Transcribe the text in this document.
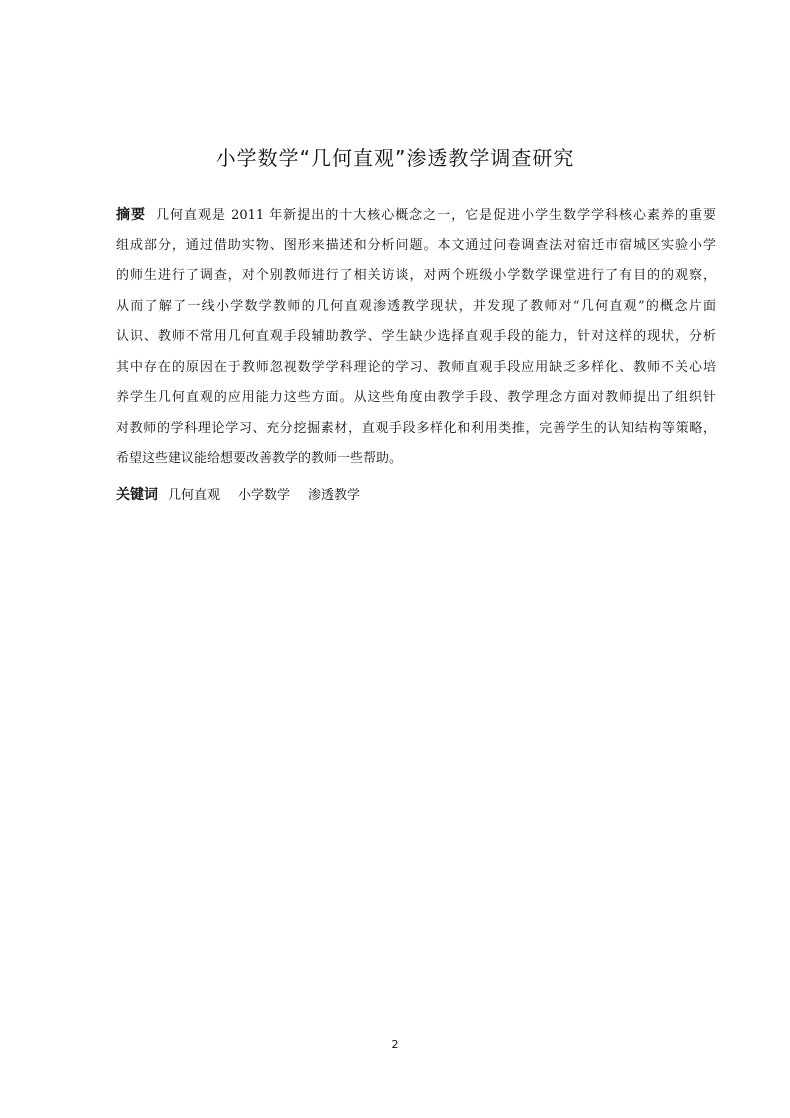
小学数学“几何直观”渗透教学调查研究
摘要 几何直观是 2011 年新提出的十大核心概念之一，它是促进小学生数学学科核心素养的重要
组成部分，通过借助实物、图形来描述和分析问题。本文通过问卷调查法对宿迁市宿城区实验小学
的师生进行了调查，对个别教师进行了相关访谈，对两个班级小学数学课堂进行了有目的的观察，
从而了解了一线小学数学教师的几何直观渗透教学现状，并发现了教师对“几何直观”的概念片面
认识、教师不常用几何直观手段辅助教学、学生缺少选择直观手段的能力，针对这样的现状，分析
其中存在的原因在于教师忽视数学学科理论的学习、教师直观手段应用缺乏多样化、教师不关心培
养学生几何直观的应用能力这些方面。从这些角度由教学手段、教学理念方面对教师提出了组织针
对教师的学科理论学习、充分挖掘素材，直观手段多样化和利用类推，完善学生的认知结构等策略，
希望这些建议能给想要改善教学的教师一些帮助。
关键词 几何直观 小学数学 渗透教学
2
